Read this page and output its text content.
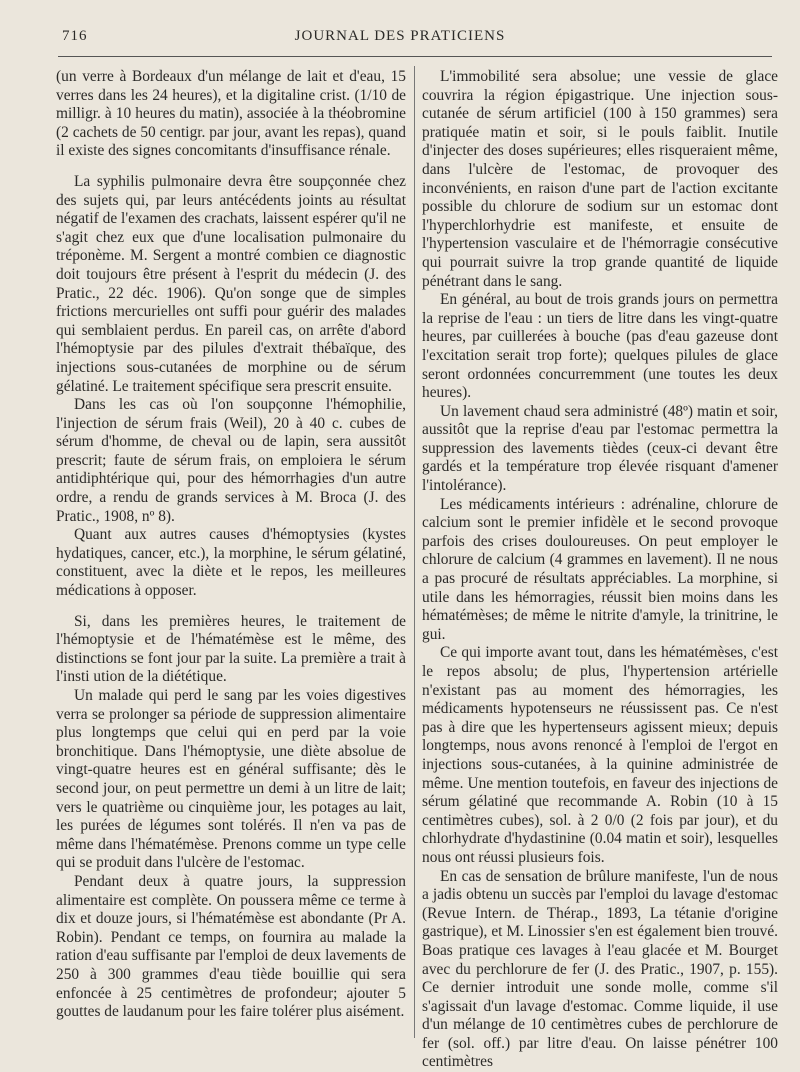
716	JOURNAL DES PRATICIENS

(un verre à Bordeaux d'un mélange de lait et d'eau, 15 verres dans les 24 heures), et la digitaline crist. (1/10 de milligr. à 10 heures du matin), associée à la théobromine (2 cachets de 50 centigr. par jour, avant les repas), quand il existe des signes concomitants d'insuffisance rénale.

La syphilis pulmonaire devra être soupçonnée chez des sujets qui, par leurs antécédents joints au résultat négatif de l'examen des crachats, laissent espérer qu'il ne s'agit chez eux que d'une localisation pulmonaire du tréponème. M. Sergent a montré combien ce diagnostic doit toujours être présent à l'esprit du médecin (J. des Pratic., 22 déc. 1906). Qu'on songe que de simples frictions mercurielles ont suffi pour guérir des malades qui semblaient perdus. En pareil cas, on arrête d'abord l'hémoptysie par des pilules d'extrait thébaïque, des injections sous-cutanées de morphine ou de sérum gélatiné. Le traitement spécifique sera prescrit ensuite.

Dans les cas où l'on soupçonne l'hémophilie, l'injection de sérum frais (Weil), 20 à 40 c. cubes de sérum d'homme, de cheval ou de lapin, sera aussitôt prescrit; faute de sérum frais, on emploiera le sérum antidiphtérique qui, pour des hémorrhagies d'un autre ordre, a rendu de grands services à M. Broca (J. des Pratic., 1908, nº 8).

Quant aux autres causes d'hémoptysies (kystes hydatiques, cancer, etc.), la morphine, le sérum gélatiné, constituent, avec la diète et le repos, les meilleures médications à opposer.

Si, dans les premières heures, le traitement de l'hémoptysie et de l'hématémèse est le même, des distinctions se font jour par la suite. La première a trait à l'insti ution de la diététique.

Un malade qui perd le sang par les voies digestives verra se prolonger sa période de suppression alimentaire plus longtemps que celui qui en perd par la voie bronchitique. Dans l'hémoptysie, une diète absolue de vingt-quatre heures est en général suffisante; dès le second jour, on peut permettre un demi à un litre de lait; vers le quatrième ou cinquième jour, les potages au lait, les purées de légumes sont tolérés. Il n'en va pas de même dans l'hématémèse. Prenons comme un type celle qui se produit dans l'ulcère de l'estomac.

Pendant deux à quatre jours, la suppression alimentaire est complète. On poussera même ce terme à dix et douze jours, si l'hématémèse est abondante (Pr A. Robin). Pendant ce temps, on fournira au malade la ration d'eau suffisante par l'emploi de deux lavements de 250 à 300 grammes d'eau tiède bouillie qui sera enfoncée à 25 centimètres de profondeur; ajouter 5 gouttes de laudanum pour les faire tolérer plus aisément.

L'immobilité sera absolue; une vessie de glace couvrira la région épigastrique. Une injection sous-cutanée de sérum artificiel (100 à 150 grammes) sera pratiquée matin et soir, si le pouls faiblit. Inutile d'injecter des doses supérieures; elles risqueraient même, dans l'ulcère de l'estomac, de provoquer des inconvénients, en raison d'une part de l'action excitante possible du chlorure de sodium sur un estomac dont l'hyperchlorhydrie est manifeste, et ensuite de l'hypertension vasculaire et de l'hémorragie consécutive qui pourrait suivre la trop grande quantité de liquide pénétrant dans le sang.

En général, au bout de trois grands jours on permettra la reprise de l'eau : un tiers de litre dans les vingt-quatre heures, par cuillerées à bouche (pas d'eau gazeuse dont l'excitation serait trop forte); quelques pilules de glace seront ordonnées concurremment (une toutes les deux heures).

Un lavement chaud sera administré (48º) matin et soir, aussitôt que la reprise d'eau par l'estomac permettra la suppression des lavements tièdes (ceux-ci devant être gardés et la température trop élevée risquant d'amener l'intolérance).

Les médicaments intérieurs : adrénaline, chlorure de calcium sont le premier infidèle et le second provoque parfois des crises douloureuses. On peut employer le chlorure de calcium (4 grammes en lavement). Il ne nous a pas procuré de résultats appréciables. La morphine, si utile dans les hémorragies, réussit bien moins dans les hématémèses; de même le nitrite d'amyle, la trinitrine, le gui.

Ce qui importe avant tout, dans les hématémèses, c'est le repos absolu; de plus, l'hypertension artérielle n'existant pas au moment des hémorragies, les médicaments hypotenseurs ne réussissent pas. Ce n'est pas à dire que les hypertenseurs agissent mieux; depuis longtemps, nous avons renoncé à l'emploi de l'ergot en injections sous-cutanées, à la quinine administrée de même. Une mention toutefois, en faveur des injections de sérum gélatiné que recommande A. Robin (10 à 15 centimètres cubes), sol. à 2 0/0 (2 fois par jour), et du chlorhydrate d'hydastinine (0.04 matin et soir), lesquelles nous ont réussi plusieurs fois.

En cas de sensation de brûlure manifeste, l'un de nous a jadis obtenu un succès par l'emploi du lavage d'estomac (Revue Intern. de Thérap., 1893, La tétanie d'origine gastrique), et M. Linossier s'en est également bien trouvé. Boas pratique ces lavages à l'eau glacée et M. Bourget avec du perchlorure de fer (J. des Pratic., 1907, p. 155). Ce dernier introduit une sonde molle, comme s'il s'agissait d'un lavage d'estomac. Comme liquide, il use d'un mélange de 10 centimètres cubes de perchlorure de fer (sol. off.) par litre d'eau. On laisse pénétrer 100 centimètres
